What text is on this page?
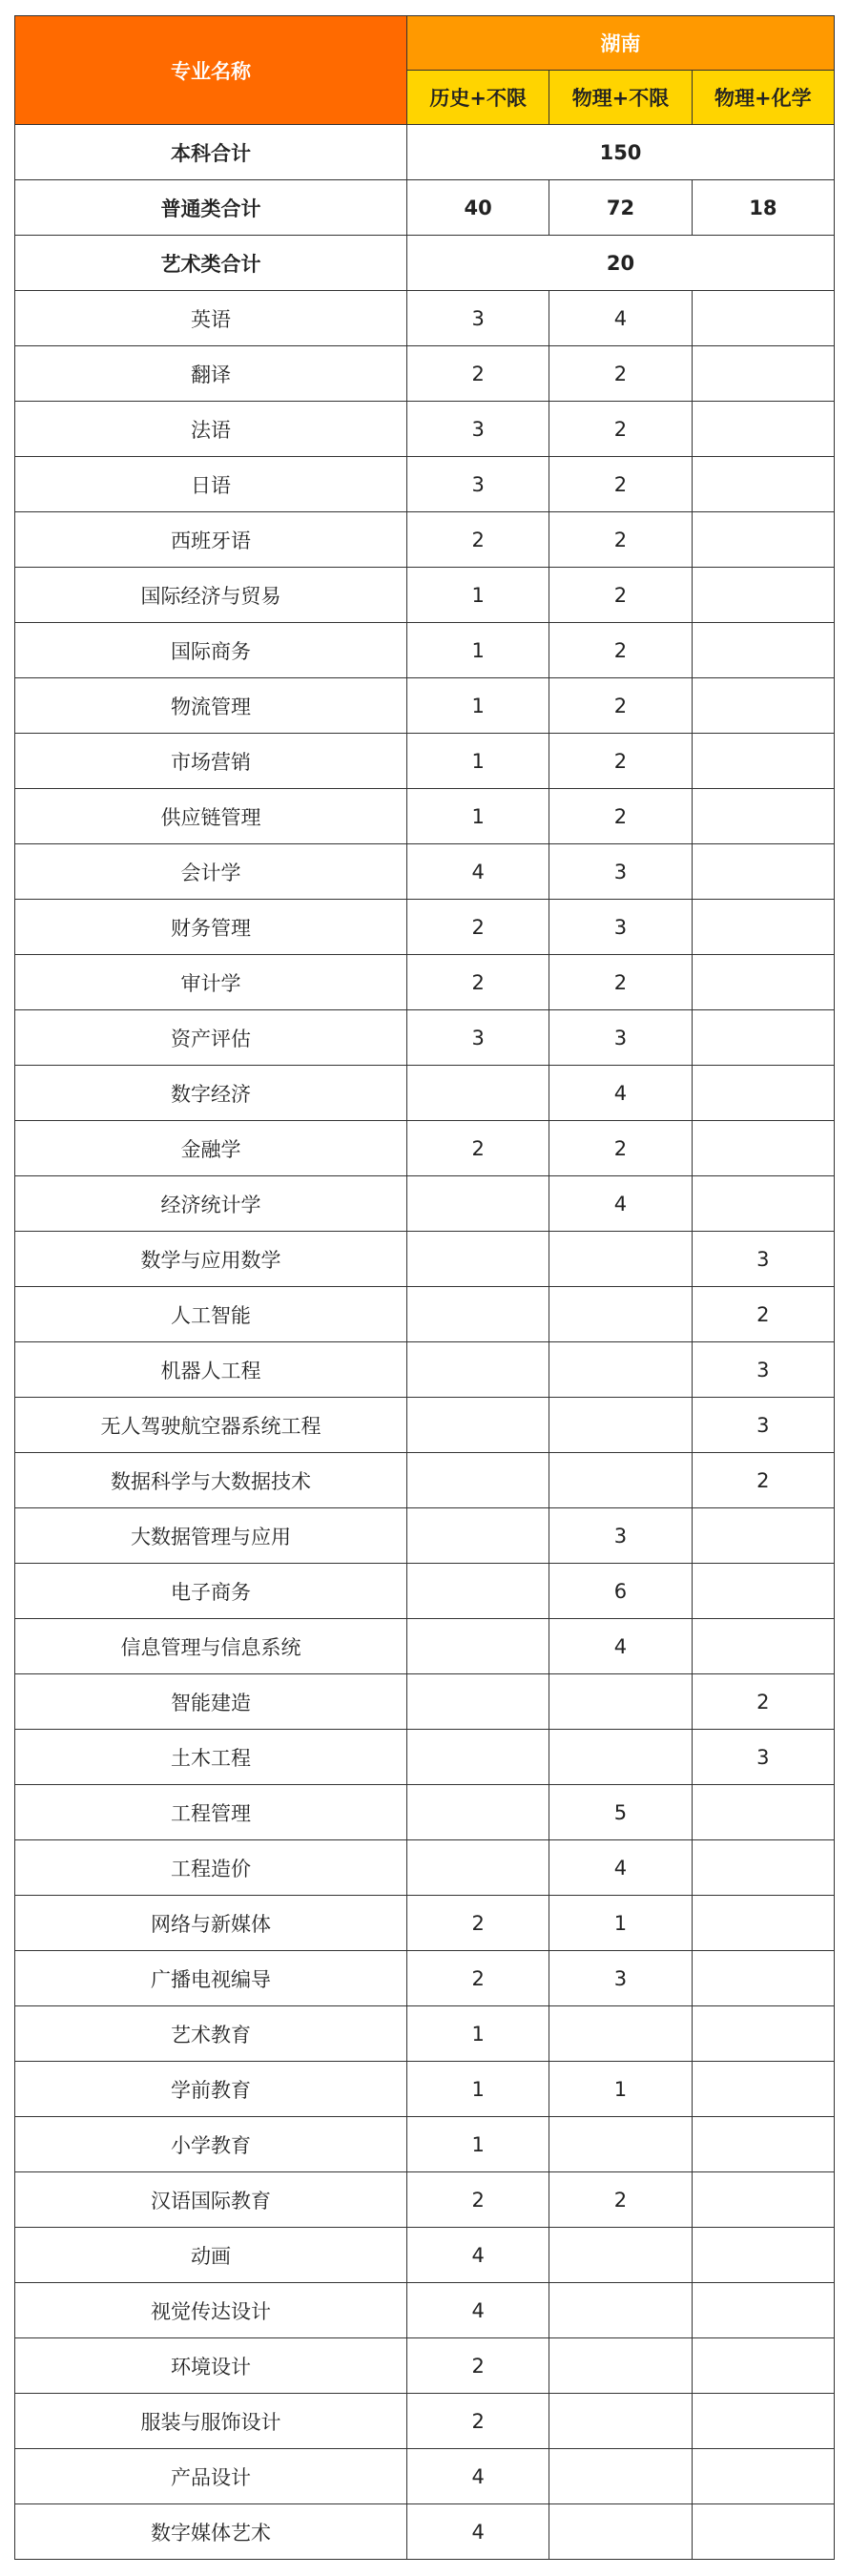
专业名称	湖南		
	历史+不限	物理+不限	物理+化学
本科合计	150		
普通类合计	40	72	18
艺术类合计	20		
英语	3	4	
翻译	2	2	
法语	3	2	
日语	3	2	
西班牙语	2	2	
国际经济与贸易	1	2	
国际商务	1	2	
物流管理	1	2	
市场营销	1	2	
供应链管理	1	2	
会计学	4	3	
财务管理	2	3	
审计学	2	2	
资产评估	3	3	
数字经济		4	
金融学	2	2	
经济统计学		4	
数学与应用数学			3
人工智能			2
机器人工程			3
无人驾驶航空器系统工程			3
数据科学与大数据技术			2
大数据管理与应用		3	
电子商务		6	
信息管理与信息系统		4	
智能建造			2
土木工程			3
工程管理		5	
工程造价		4	
网络与新媒体	2	1	
广播电视编导	2	3	
艺术教育	1		
学前教育	1	1	
小学教育	1		
汉语国际教育	2	2	
动画	4		
视觉传达设计	4		
环境设计	2		
服装与服饰设计	2		
产品设计	4		
数字媒体艺术	4		
